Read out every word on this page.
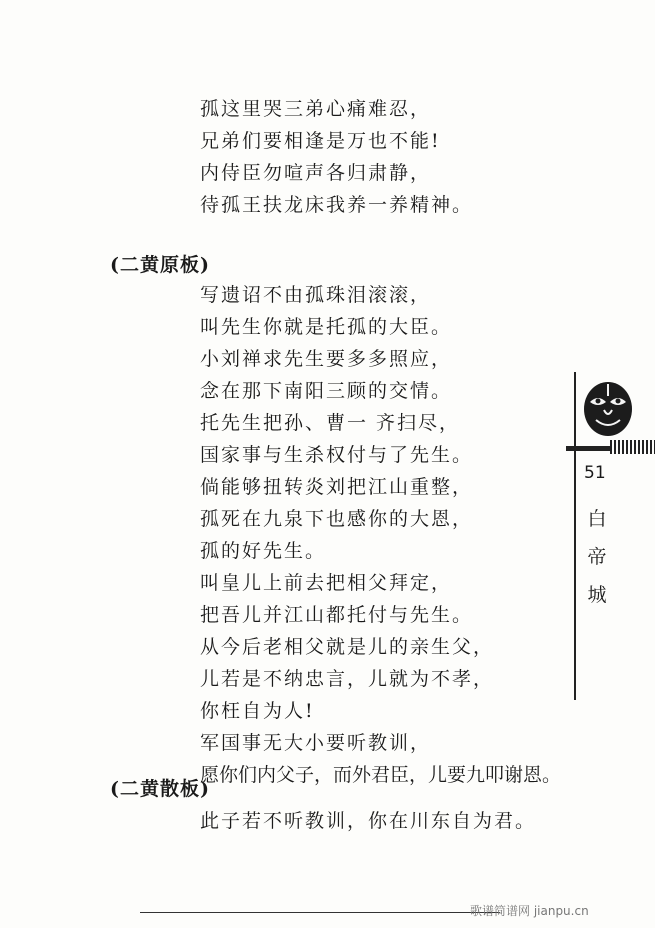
孤这里哭三弟心痛难忍，
兄弟们要相逢是万也不能!
内侍臣勿喧声各归肃静，
待孤王扶龙床我养一养精神。
(二黄原板)
写遗诏不由孤珠泪滚滚，
叫先生你就是托孤的大臣。
小刘禅求先生要多多照应，
念在那下南阳三顾的交情。
托先生把孙、曹一 齐扫尽，
国家事与生杀权付与了先生。
倘能够扭转炎刘把江山重整，
孤死在九泉下也感你的大恩，
孤的好先生。
叫皇儿上前去把相父拜定，
把吾儿并江山都托付与先生。
从今后老相父就是儿的亲生父，
儿若是不纳忠言，儿就为不孝，
你枉自为人!
军国事无大小要听教训，
愿你们内父子，而外君臣，儿要九叩谢恩。
(二黄散板)
此子若不听教训，你在川东自为君。
51
白帝城
歌谱简谱网 jianpu.cn
